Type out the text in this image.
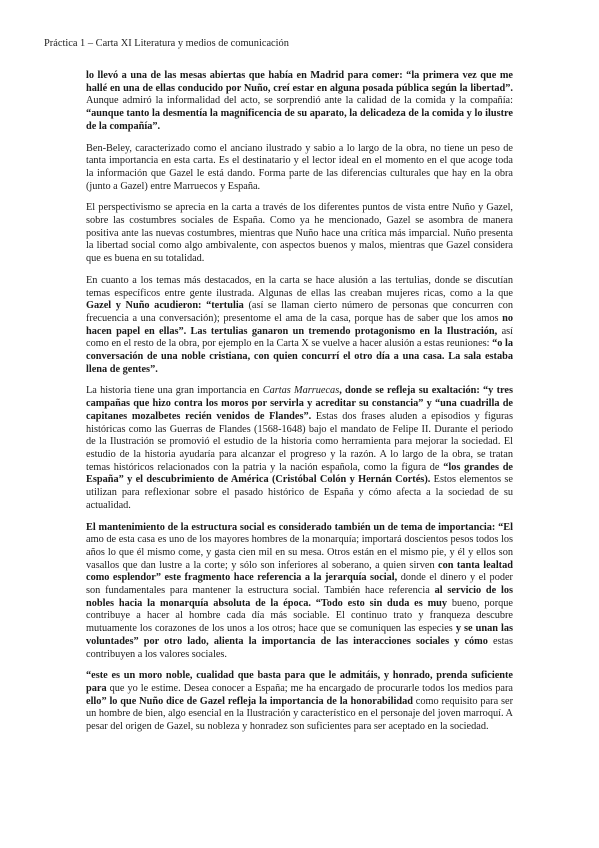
Práctica 1 – Carta XI Literatura y medios de comunicación

lo llevó a una de las mesas abiertas que había en Madrid para comer: “la primera vez que me hallé en una de ellas conducido por Nuño, creí estar en alguna posada pública según la libertad”. Aunque admiró la informalidad del acto, se sorprendió ante la calidad de la comida y la compañía: “aunque tanto la desmentía la magnificencia de su aparato, la delicadeza de la comida y lo ilustre de la compañía”.

Ben-Beley, caracterizado como el anciano ilustrado y sabio a lo largo de la obra, no tiene un peso de tanta importancia en esta carta. Es el destinatario y el lector ideal en el momento en el que acoge toda la información que Gazel le está dando. Forma parte de las diferencias culturales que hay en la obra (junto a Gazel) entre Marruecos y España.

El perspectivismo se aprecia en la carta a través de los diferentes puntos de vista entre Nuño y Gazel, sobre las costumbres sociales de España. Como ya he mencionado, Gazel se asombra de manera positiva ante las nuevas costumbres, mientras que Nuño hace una crítica más imparcial. Nuño presenta la libertad social como algo ambivalente, con aspectos buenos y malos, mientras que Gazel considera que es buena en su totalidad.

En cuanto a los temas más destacados, en la carta se hace alusión a las tertulias, donde se discutían temas específicos entre gente ilustrada. Algunas de ellas las creaban mujeres ricas, como a la que Gazel y Nuño acudieron: “tertulia (así se llaman cierto número de personas que concurren con frecuencia a una conversación); presentome el ama de la casa, porque has de saber que los amos no hacen papel en ellas”. Las tertulias ganaron un tremendo protagonismo en la Ilustración, así como en el resto de la obra, por ejemplo en la Carta X se vuelve a hacer alusión a estas reuniones: “o la conversación de una noble cristiana, con quien concurrí el otro día a una casa. La sala estaba llena de gentes”.

La historia tiene una gran importancia en Cartas Marruecas, donde se refleja su exaltación: “y tres campañas que hizo contra los moros por servirla y acreditar su constancia” y “una cuadrilla de capitanes mozalbetes recién venidos de Flandes”. Estas dos frases aluden a episodios y figuras históricas como las Guerras de Flandes (1568-1648) bajo el mandato de Felipe II. Durante el periodo de la Ilustración se promovió el estudio de la historia como herramienta para mejorar la sociedad. El estudio de la historia ayudaría para alcanzar el progreso y la razón. A lo largo de la obra, se tratan temas históricos relacionados con la patria y la nación española, como la figura de “los grandes de España” y el descubrimiento de América (Cristóbal Colón y Hernán Cortés). Estos elementos se utilizan para reflexionar sobre el pasado histórico de España y cómo afecta a la sociedad de su actualidad.

El mantenimiento de la estructura social es considerado también un de tema de importancia: “El amo de esta casa es uno de los mayores hombres de la monarquía; importará doscientos pesos todos los años lo que él mismo come, y gasta cien mil en su mesa. Otros están en el mismo pie, y él y ellos son vasallos que dan lustre a la corte; y sólo son inferiores al soberano, a quien sirven con tanta lealtad como esplendor” este fragmento hace referencia a la jerarquía social, donde el dinero y el poder son fundamentales para mantener la estructura social. También hace referencia al servicio de los nobles hacia la monarquía absoluta de la época. “Todo esto sin duda es muy bueno, porque contribuye a hacer al hombre cada día más sociable. El continuo trato y franqueza descubre mutuamente los corazones de los unos a los otros; hace que se comuniquen las especies y se unan las voluntades” por otro lado, alienta la importancia de las interacciones sociales y cómo estas contribuyen a los valores sociales.

“este es un moro noble, cualidad que basta para que le admitáis, y honrado, prenda suficiente para que yo le estime. Desea conocer a España; me ha encargado de procurarle todos los medios para ello” lo que Nuño dice de Gazel refleja la importancia de la honorabilidad como requisito para ser un hombre de bien, algo esencial en la Ilustración y característico en el personaje del joven marroquí. A pesar del origen de Gazel, su nobleza y honradez son suficientes para ser aceptado en la sociedad.
